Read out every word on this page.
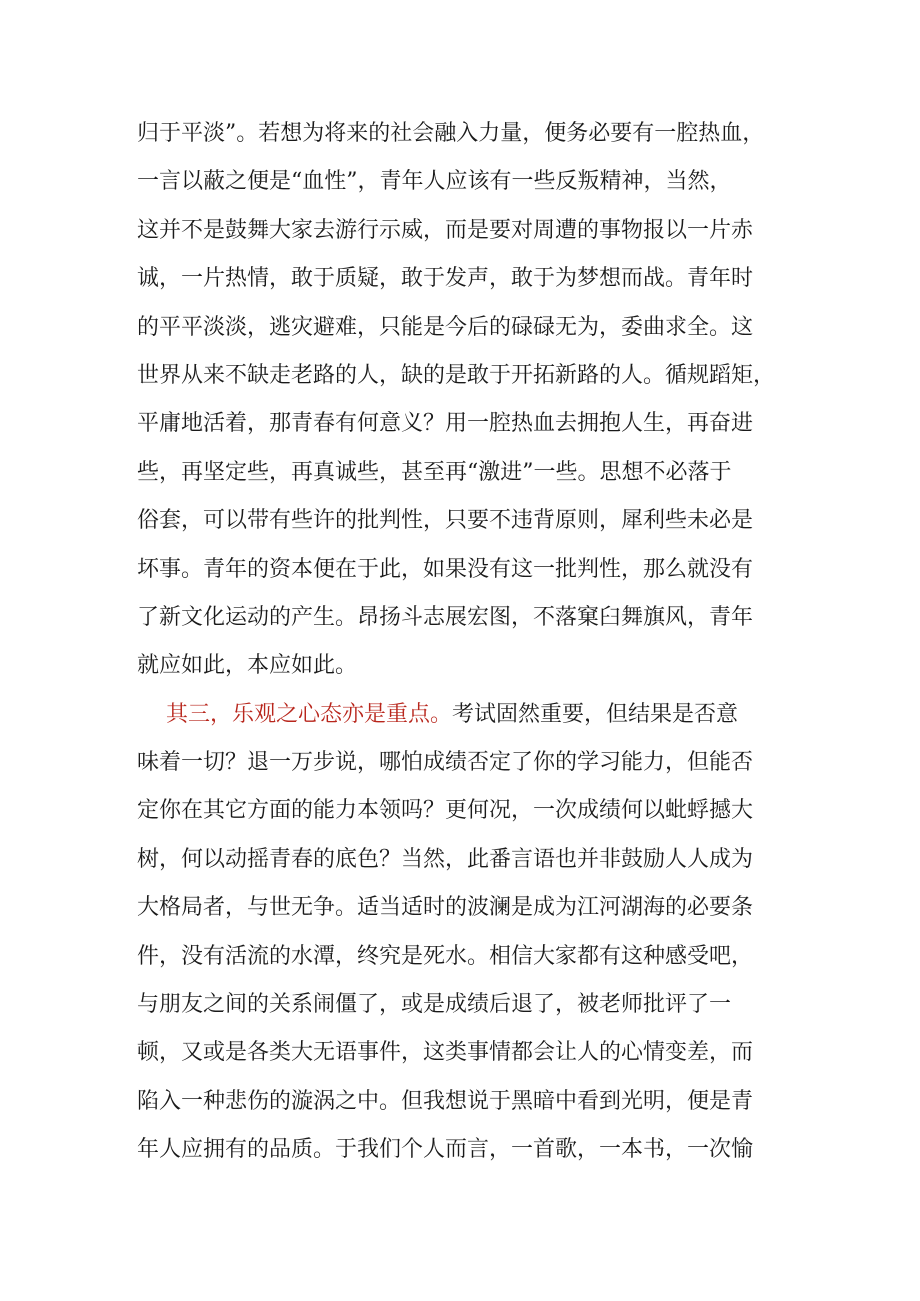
归于平淡”。若想为将来的社会融入力量，便务必要有一腔热血，
一言以蔽之便是“血性”，青年人应该有一些反叛精神，当然，
这并不是鼓舞大家去游行示威，而是要对周遭的事物报以一片赤
诚，一片热情，敢于质疑，敢于发声，敢于为梦想而战。青年时
的平平淡淡，逃灾避难，只能是今后的碌碌无为，委曲求全。这
世界从来不缺走老路的人，缺的是敢于开拓新路的人。循规蹈矩，
平庸地活着，那青春有何意义？用一腔热血去拥抱人生，再奋进
些，再坚定些，再真诚些，甚至再“激进”一些。思想不必落于
俗套，可以带有些许的批判性，只要不违背原则，犀利些未必是
坏事。青年的资本便在于此，如果没有这一批判性，那么就没有
了新文化运动的产生。昂扬斗志展宏图，不落窠臼舞旗风，青年
就应如此，本应如此。
其三，乐观之心态亦是重点。考试固然重要，但结果是否意
味着一切？退一万步说，哪怕成绩否定了你的学习能力，但能否
定你在其它方面的能力本领吗？更何况，一次成绩何以蚍蜉撼大
树，何以动摇青春的底色？当然，此番言语也并非鼓励人人成为
大格局者，与世无争。适当适时的波澜是成为江河湖海的必要条
件，没有活流的水潭，终究是死水。相信大家都有这种感受吧，
与朋友之间的关系闹僵了，或是成绩后退了，被老师批评了一
顿，又或是各类大无语事件，这类事情都会让人的心情变差，而
陷入一种悲伤的漩涡之中。但我想说于黑暗中看到光明，便是青
年人应拥有的品质。于我们个人而言，一首歌，一本书，一次愉
